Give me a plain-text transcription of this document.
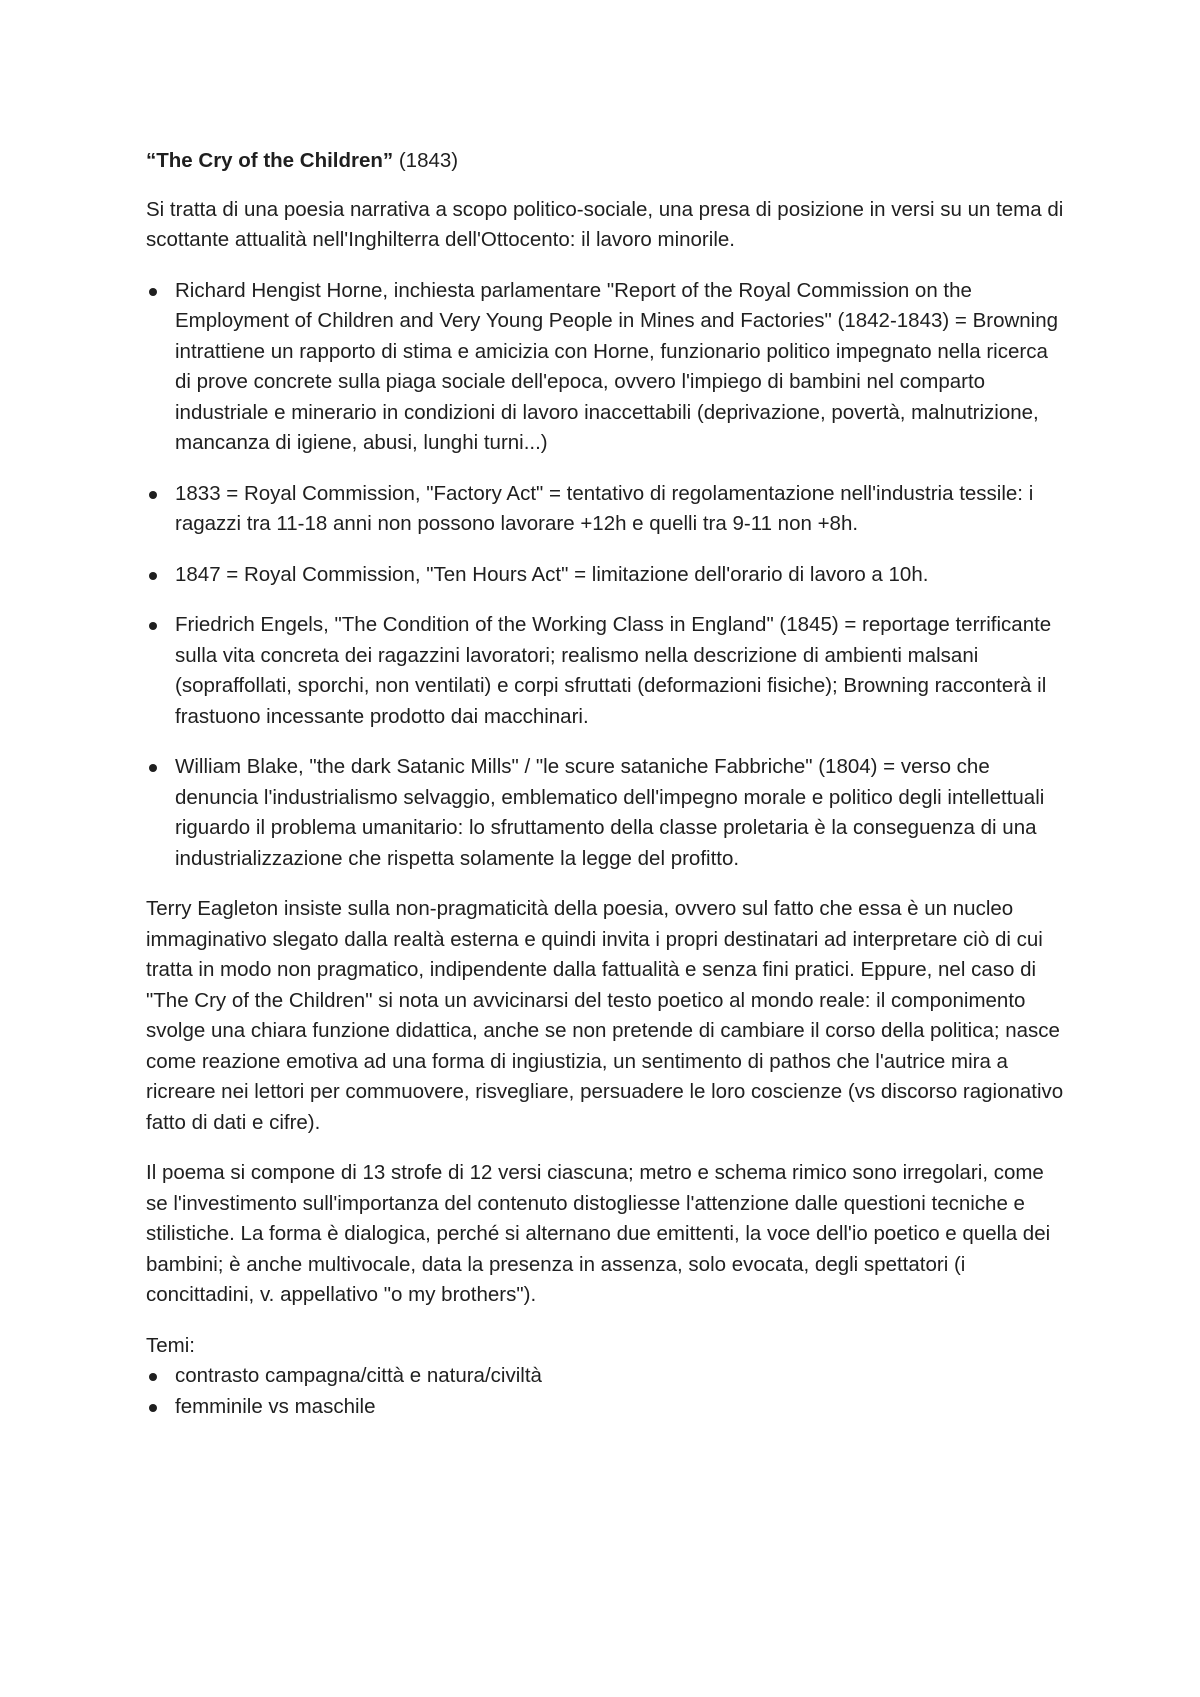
“The Cry of the Children” (1843)

Si tratta di una poesia narrativa a scopo politico-sociale, una presa di posizione in versi su un tema di scottante attualità nell'Inghilterra dell'Ottocento: il lavoro minorile.

Richard Hengist Horne, inchiesta parlamentare "Report of the Royal Commission on the Employment of Children and Very Young People in Mines and Factories" (1842-1843) = Browning intrattiene un rapporto di stima e amicizia con Horne, funzionario politico impegnato nella ricerca di prove concrete sulla piaga sociale dell'epoca, ovvero l'impiego di bambini nel comparto industriale e minerario in condizioni di lavoro inaccettabili (deprivazione, povertà, malnutrizione, mancanza di igiene, abusi, lunghi turni...)
1833 = Royal Commission, "Factory Act" = tentativo di regolamentazione nell'industria tessile: i ragazzi tra 11-18 anni non possono lavorare +12h e quelli tra 9-11 non +8h.
1847 = Royal Commission, "Ten Hours Act" = limitazione dell'orario di lavoro a 10h.
Friedrich Engels, "The Condition of the Working Class in England" (1845) = reportage terrificante sulla vita concreta dei ragazzini lavoratori; realismo nella descrizione di ambienti malsani (sopraffollati, sporchi, non ventilati) e corpi sfruttati (deformazioni fisiche); Browning racconterà il frastuono incessante prodotto dai macchinari.
William Blake, "the dark Satanic Mills" / "le scure sataniche Fabbriche" (1804) = verso che denuncia l'industrialismo selvaggio, emblematico dell'impegno morale e politico degli intellettuali riguardo il problema umanitario: lo sfruttamento della classe proletaria è la conseguenza di una industrializzazione che rispetta solamente la legge del profitto.

Terry Eagleton insiste sulla non-pragmaticità della poesia, ovvero sul fatto che essa è un nucleo immaginativo slegato dalla realtà esterna e quindi invita i propri destinatari ad interpretare ciò di cui tratta in modo non pragmatico, indipendente dalla fattualità e senza fini pratici. Eppure, nel caso di "The Cry of the Children" si nota un avvicinarsi del testo poetico al mondo reale: il componimento svolge una chiara funzione didattica, anche se non pretende di cambiare il corso della politica; nasce come reazione emotiva ad una forma di ingiustizia, un sentimento di pathos che l'autrice mira a ricreare nei lettori per commuovere, risvegliare, persuadere le loro coscienze (vs discorso ragionativo fatto di dati e cifre).

Il poema si compone di 13 strofe di 12 versi ciascuna; metro e schema rimico sono irregolari, come se l'investimento sull'importanza del contenuto distogliesse l'attenzione dalle questioni tecniche e stilistiche. La forma è dialogica, perché si alternano due emittenti, la voce dell'io poetico e quella dei bambini; è anche multivocale, data la presenza in assenza, solo evocata, degli spettatori (i concittadini, v. appellativo "o my brothers").

Temi:
contrasto campagna/città e natura/civiltà
femminile vs maschile
